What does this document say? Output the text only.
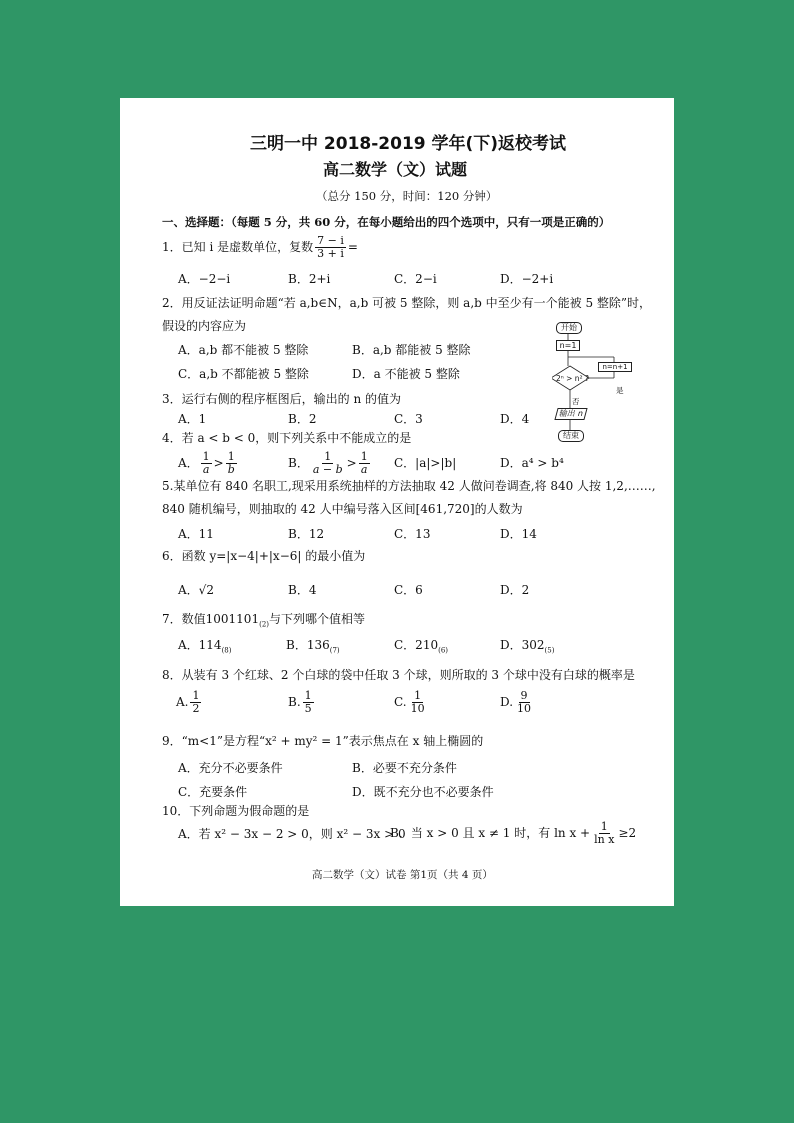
三明一中 2018-2019 学年(下)返校考试
高二数学（文）试题
（总分 150 分，时间：120 分钟）
一、选择题：（每题 5 分，共 60 分，在每小题给出的四个选项中，只有一项是正确的）
1．已知 i 是虚数单位，复数 $\frac{7 - i}{3 + i}$ =
A．−2−i	B．2+i	C．2−i	D．−2+i
2．用反证法证明命题“若 a,b∈N，a,b 可被 5 整除，则 a,b 中至少有一个能被 5 整除”时，
假设的内容应为
A．a,b 都不能被 5 整除	B．a,b 都能被 5 整除
C．a,b 不都能被 5 整除	D．a 不能被 5 整除
开始
n=1
2ⁿ > n² ?
n=n+1
是
否
输出 n
结束
3．运行右侧的程序框图后，输出的 n 的值为
A．1	B．2	C．3	D．4
4．若 a < b < 0，则下列关系中不能成立的是
A． $\frac{1}{a} > \frac{1}{b}$	B． $\frac{1}{a - b} > \frac{1}{a}$ C．|a|>|b|	D．a⁴ > b⁴
5.某单位有 840 名职工,现采用系统抽样的方法抽取 42 人做问卷调查,将 840 人按 1,2,……,
840 随机编号，则抽取的 42 人中编号落入区间[461,720]的人数为
A．11	B．12	C．13	D．14
6．函数 y=|x−4|+|x−6| 的最小值为
A．√2	B．4	C．6	D．2
7．数值$1001101_{(2)}$与下列哪个值相等
A．$114_{(8)}$	B．$136_{(7)}$	C．$210_{(6)}$	D．$302_{(5)}$
8．从装有 3 个红球、2 个白球的袋中任取 3 个球，则所取的 3 个球中没有白球的概率是
A. $\frac{1}{2}$	B. $\frac{1}{5}$	C. $\frac{1}{10}$	D. $\frac{9}{10}$
9．“m<1”是方程“x² + my² = 1”表示焦点在 x 轴上椭圆的
A．充分不必要条件	B．必要不充分条件
C．充要条件	D．既不充分也不必要条件
10．下列命题为假命题的是
A．若 x² − 3x − 2 > 0，则 x² − 3x > 0
B．当 x > 0 且 x ≠ 1 时，有 $\ln x + \frac{1}{\text{ln x}} \ge 2$
高二数学（文）试卷 第1页（共 4 页）
